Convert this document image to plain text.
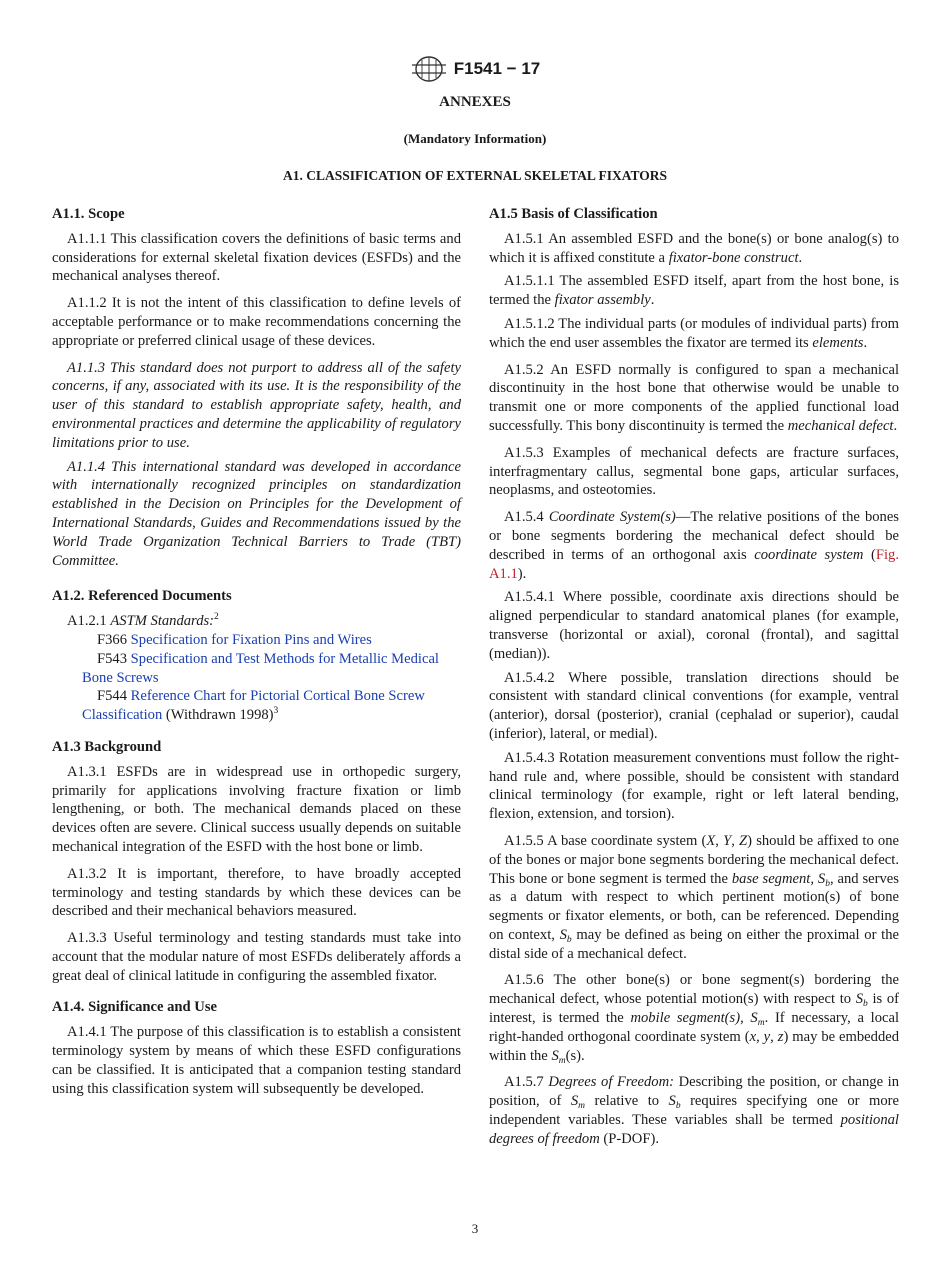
F1541 − 17
ANNEXES
(Mandatory Information)
A1. CLASSIFICATION OF EXTERNAL SKELETAL FIXATORS
A1.1. Scope

A1.1.1 This classification covers the definitions of basic terms and considerations for external skeletal fixation devices (ESFDs) and the mechanical analyses thereof.

A1.1.2 It is not the intent of this classification to define levels of acceptable performance or to make recommendations concerning the appropriate or preferred clinical usage of these devices.

A1.1.3 This standard does not purport to address all of the safety concerns, if any, associated with its use. It is the responsibility of the user of this standard to establish appropriate safety, health, and environmental practices and determine the applicability of regulatory limitations prior to use.

A1.1.4 This international standard was developed in accordance with internationally recognized principles on standardization established in the Decision on Principles for the Development of International Standards, Guides and Recommendations issued by the World Trade Organization Technical Barriers to Trade (TBT) Committee.

A1.2. Referenced Documents

A1.2.1 ASTM Standards:$^2$

F366 Specification for Fixation Pins and Wires

F543 Specification and Test Methods for Metallic Medical Bone Screws

F544 Reference Chart for Pictorial Cortical Bone Screw Classification (Withdrawn 1998)$^3$

A1.3 Background

A1.3.1 ESFDs are in widespread use in orthopedic surgery, primarily for applications involving fracture fixation or limb lengthening, or both. The mechanical demands placed on these devices often are severe. Clinical success usually depends on suitable mechanical integration of the ESFD with the host bone or limb.

A1.3.2 It is important, therefore, to have broadly accepted terminology and testing standards by which these devices can be described and their mechanical behaviors measured.

A1.3.3 Useful terminology and testing standards must take into account that the modular nature of most ESFDs deliberately affords a great deal of clinical latitude in configuring the assembled fixator.

A1.4. Significance and Use

A1.4.1 The purpose of this classification is to establish a consistent terminology system by means of which these ESFD configurations can be classified. It is anticipated that a companion testing standard using this classification system will subsequently be developed.

A1.5 Basis of Classification

A1.5.1 An assembled ESFD and the bone(s) or bone analog(s) to which it is affixed constitute a fixator-bone construct.

A1.5.1.1 The assembled ESFD itself, apart from the host bone, is termed the fixator assembly.

A1.5.1.2 The individual parts (or modules of individual parts) from which the end user assembles the fixator are termed its elements.

A1.5.2 An ESFD normally is configured to span a mechanical discontinuity in the host bone that otherwise would be unable to transmit one or more components of the applied functional load successfully. This bony discontinuity is termed the mechanical defect.

A1.5.3 Examples of mechanical defects are fracture surfaces, interfragmentary callus, segmental bone gaps, articular surfaces, neoplasms, and osteotomies.

A1.5.4 Coordinate System(s)—The relative positions of the bones or bone segments bordering the mechanical defect should be described in terms of an orthogonal axis coordinate system (Fig. A1.1).

A1.5.4.1 Where possible, coordinate axis directions should be aligned perpendicular to standard anatomical planes (for example, transverse (horizontal or axial), coronal (frontal), and sagittal (median)).

A1.5.4.2 Where possible, translation directions should be consistent with standard clinical conventions (for example, ventral (anterior), dorsal (posterior), cranial (cephalad or superior), caudal (inferior), lateral, or medial).

A1.5.4.3 Rotation measurement conventions must follow the right-hand rule and, where possible, should be consistent with standard clinical terminology (for example, right or left lateral bending, flexion, extension, and torsion).

A1.5.5 A base coordinate system (X, Y, Z) should be affixed to one of the bones or major bone segments bordering the mechanical defect. This bone or bone segment is termed the base segment, $S_b$, and serves as a datum with respect to which pertinent motion(s) of bone segments or fixator elements, or both, can be referenced. Depending on context, $S_b$ may be defined as being on either the proximal or the distal side of a mechanical defect.

A1.5.6 The other bone(s) or bone segment(s) bordering the mechanical defect, whose potential motion(s) with respect to $S_b$ is of interest, is termed the mobile segment(s), $S_m$. If necessary, a local right-handed orthogonal coordinate system (x, y, z) may be embedded within the $S_m(s)$.

A1.5.7 Degrees of Freedom: Describing the position, or change in position, of $S_m$ relative to $S_b$ requires specifying one or more independent variables. These variables shall be termed positional degrees of freedom (P-DOF).

3
